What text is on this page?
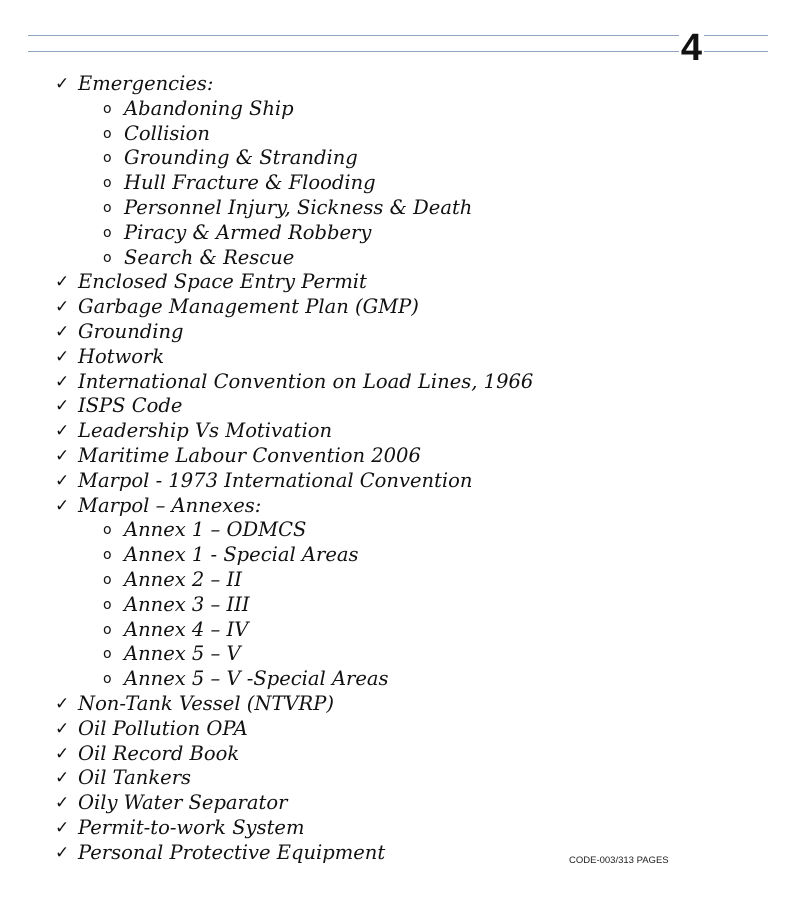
4
✓ Emergencies:
o Abandoning Ship
o Collision
o Grounding & Stranding
o Hull Fracture & Flooding
o Personnel Injury, Sickness & Death
o Piracy & Armed Robbery
o Search & Rescue
✓ Enclosed Space Entry Permit
✓ Garbage Management Plan (GMP)
✓ Grounding
✓ Hotwork
✓ International Convention on Load Lines, 1966
✓ ISPS Code
✓ Leadership Vs Motivation
✓ Maritime Labour Convention 2006
✓ Marpol - 1973 International Convention
✓ Marpol – Annexes:
o Annex 1 – ODMCS
o Annex 1 - Special Areas
o Annex 2 – II
o Annex 3 – III
o Annex 4 – IV
o Annex 5 – V
o Annex 5 – V -Special Areas
✓ Non-Tank Vessel (NTVRP)
✓ Oil Pollution OPA
✓ Oil Record Book
✓ Oil Tankers
✓ Oily Water Separator
✓ Permit-to-work System
✓ Personal Protective Equipment	CODE-003/313 PAGES
